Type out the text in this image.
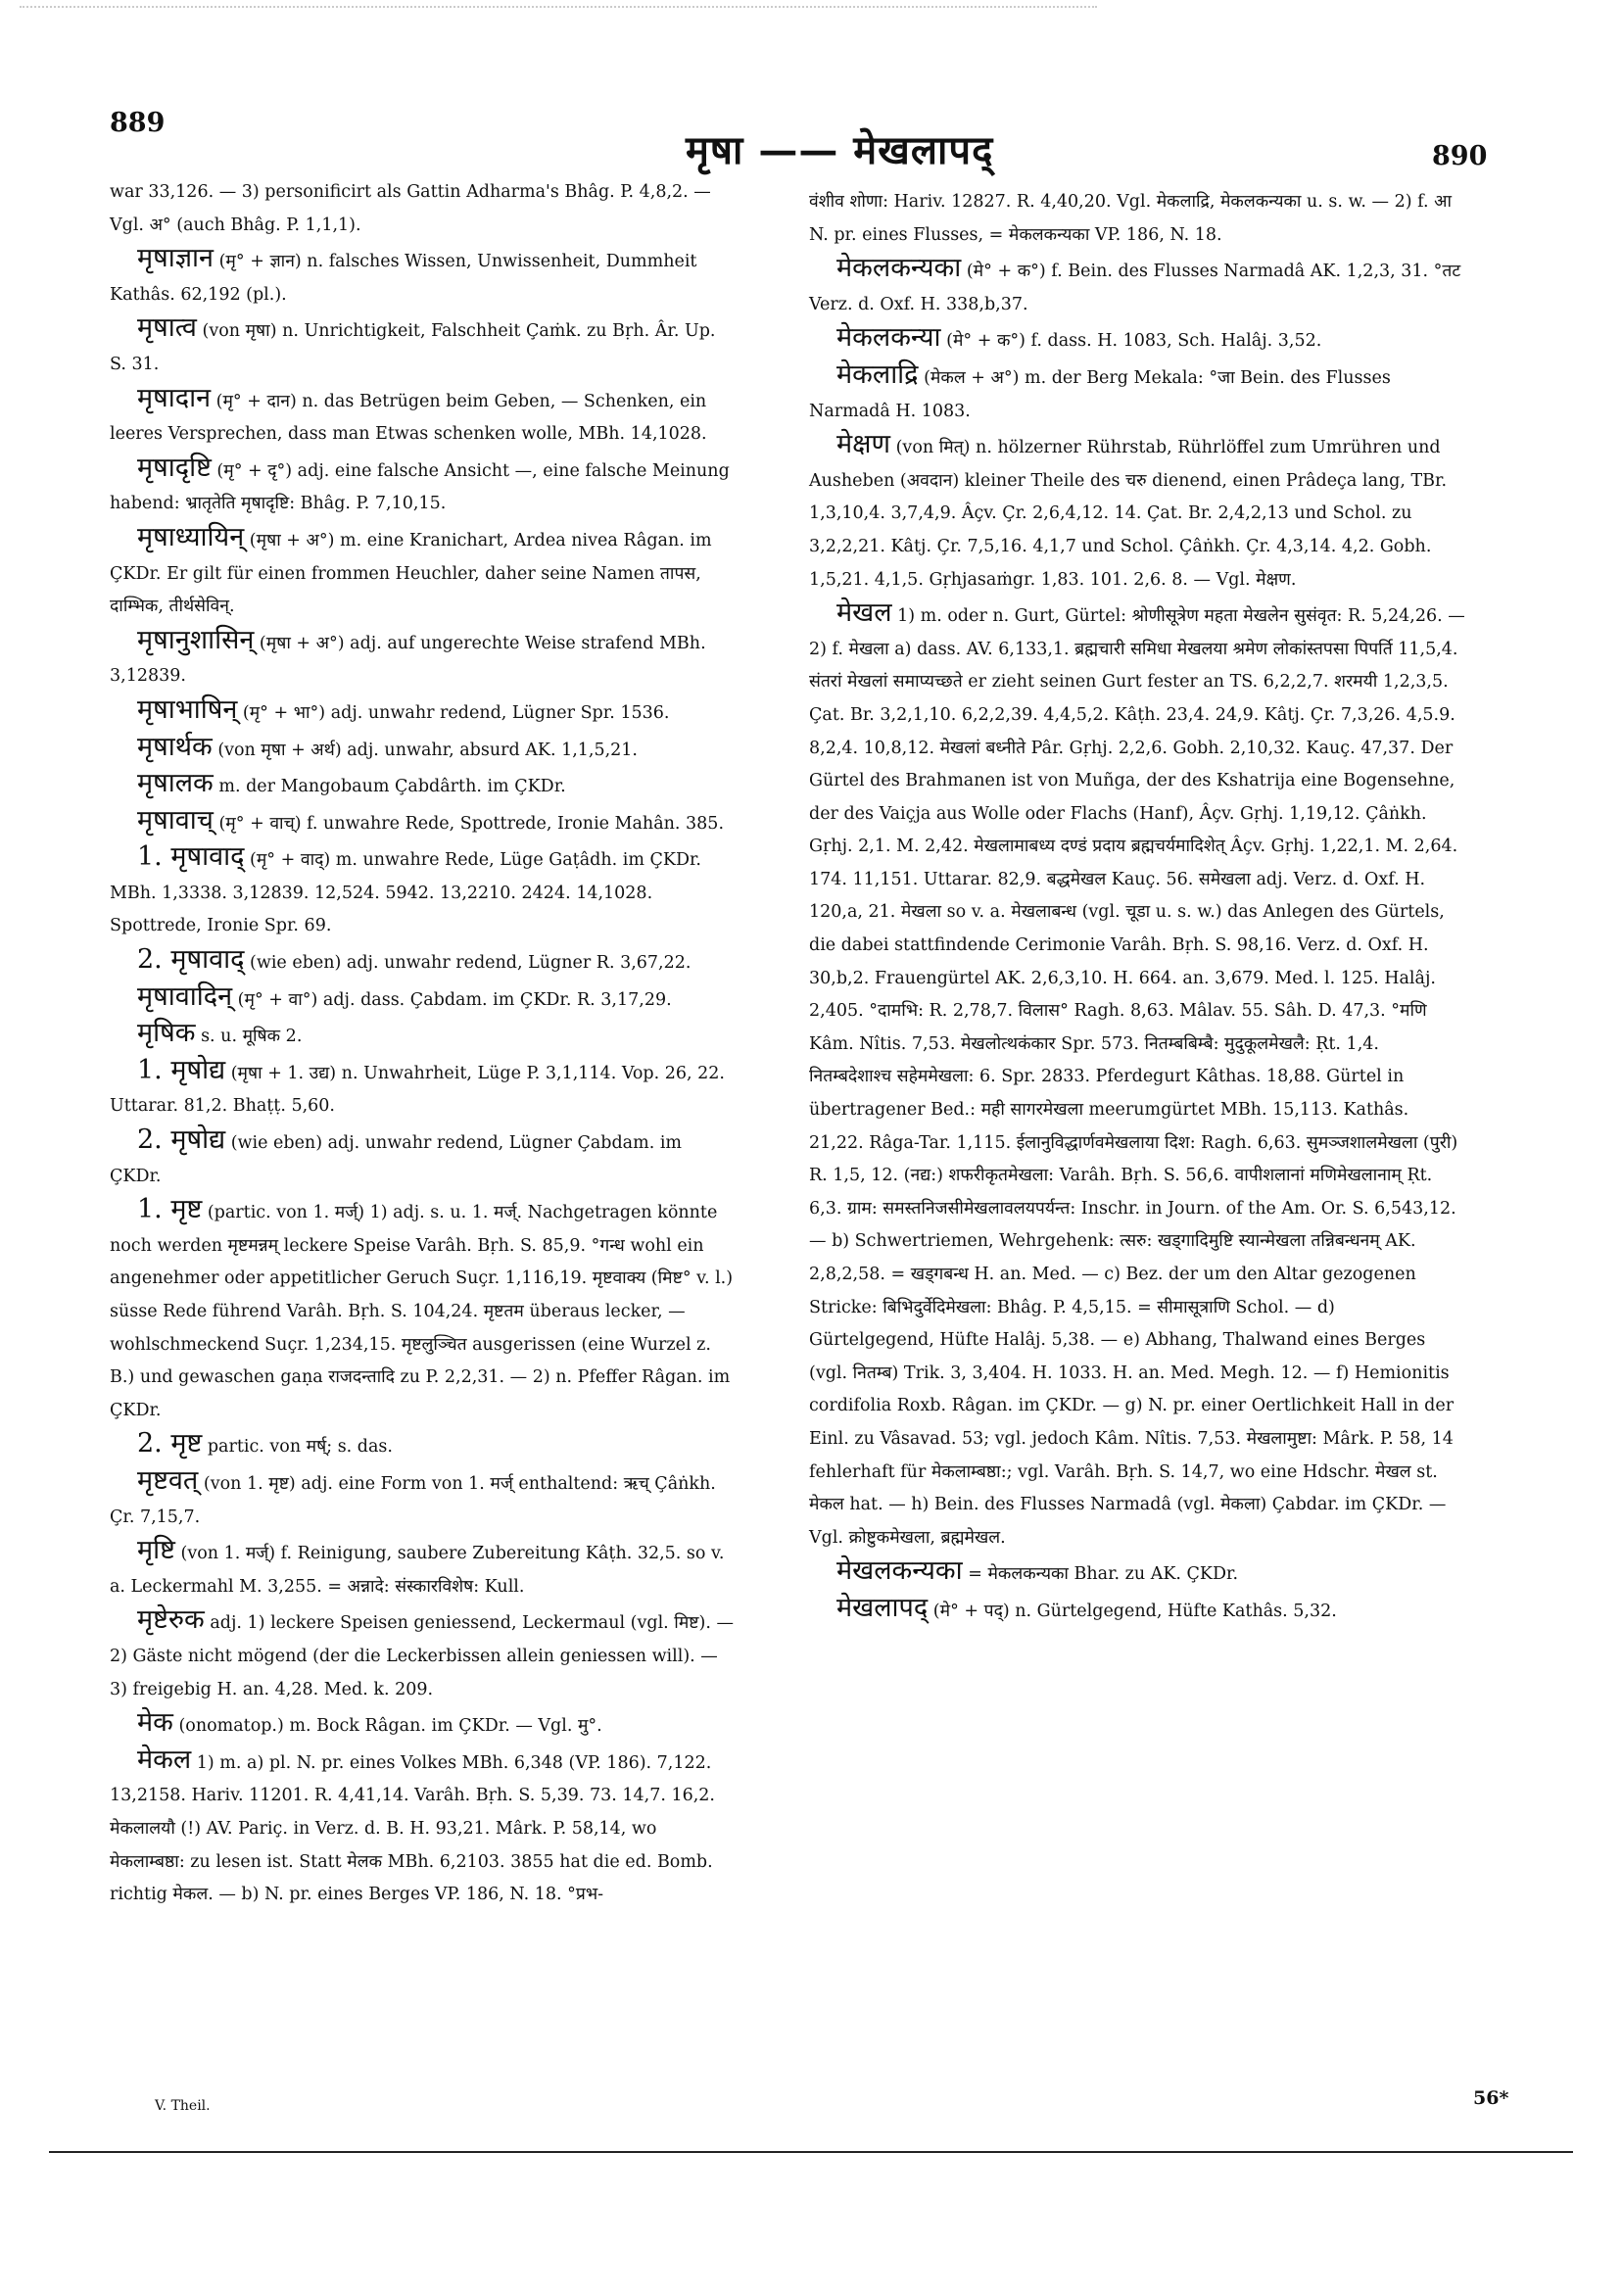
889
मृषा —— मेखलापद्	890

war 33,126. — 3) personificirt als Gattin Adharma's Bhâg. P. 4,8,2. — Vgl. अ° (auch Bhâg. P. 1,1,1).

मृषाज्ञान (मृ° + ज्ञान) n. falsches Wissen, Unwissenheit, Dummheit Kathâs. 62,192 (pl.).

मृषात्व (von मृषा) n. Unrichtigkeit, Falschheit Çaṁk. zu Bṛh. Âr. Up. S. 31.

मृषादान (मृ° + दान) n. das Betrügen beim Geben, — Schenken, ein leeres Versprechen, dass man Etwas schenken wolle, MBh. 14,1028.

मृषादृष्टि (मृ° + दृ°) adj. eine falsche Ansicht —, eine falsche Meinung habend: भ्रातृतेति मृषादृष्टि: Bhâg. P. 7,10,15.

मृषाध्यायिन् (मृषा + अ°) m. eine Kranichart, Ardea nivea Râgan. im ÇKDr. Er gilt für einen frommen Heuchler, daher seine Namen तापस, दाम्भिक, तीर्थसेविन्.

मृषानुशासिन् (मृषा + अ°) adj. auf ungerechte Weise strafend MBh. 3,12839.

मृषाभाषिन् (मृ° + भा°) adj. unwahr redend, Lügner Spr. 1536.

मृषार्थक (von मृषा + अर्थ) adj. unwahr, absurd AK. 1,1,5,21.

मृषालक m. der Mangobaum Çabdârth. im ÇKDr.

मृषावाच् (मृ° + वाच्) f. unwahre Rede, Spottrede, Ironie Mahân. 385.

1. मृषावाद् (मृ° + वाद्) m. unwahre Rede, Lüge Gaṭâdh. im ÇKDr. MBh. 1,3338. 3,12839. 12,524. 5942. 13,2210. 2424. 14,1028. Spottrede, Ironie Spr. 69.

2. मृषावाद् (wie eben) adj. unwahr redend, Lügner R. 3,67,22.

मृषावादिन् (मृ° + वा°) adj. dass. Çabdam. im ÇKDr. R. 3,17,29.

मृषिक s. u. मूषिक 2.

1. मृषोद्य (मृषा + 1. उद्य) n. Unwahrheit, Lüge P. 3,1,114. Vop. 26, 22. Uttarar. 81,2. Bhaṭṭ. 5,60.

2. मृषोद्य (wie eben) adj. unwahr redend, Lügner Çabdam. im ÇKDr.

1. मृष्ट (partic. von 1. मर्ज्) 1) adj. s. u. 1. मर्ज्. Nachgetragen könnte noch werden मृष्टमन्नम् leckere Speise Varâh. Bṛh. S. 85,9. °गन्ध wohl ein angenehmer oder appetitlicher Geruch Suçr. 1,116,19. मृष्टवाक्य (मिष्ट° v. l.) süsse Rede führend Varâh. Bṛh. S. 104,24. मृष्टतम überaus lecker, — wohlschmeckend Suçr. 1,234,15. मृष्टलुञ्चित ausgerissen (eine Wurzel z. B.) und gewaschen gaṇa राजदन्तादि zu P. 2,2,31. — 2) n. Pfeffer Râgan. im ÇKDr.

2. मृष्ट partic. von मर्ष्; s. das.

मृष्टवत् (von 1. मृष्ट) adj. eine Form von 1. मर्ज् enthaltend: ऋच् Çâṅkh. Çr. 7,15,7.

मृष्टि (von 1. मर्ज्) f. Reinigung, saubere Zubereitung Kâṭh. 32,5. so v. a. Leckermahl M. 3,255. = अन्नादे: संस्कारविशेष: Kull.

मृष्टेरुक adj. 1) leckere Speisen geniessend, Leckermaul (vgl. मिष्ट). — 2) Gäste nicht mögend (der die Leckerbissen allein geniessen will). — 3) freigebig H. an. 4,28. Med. k. 209.

मेक (onomatop.) m. Bock Râgan. im ÇKDr. — Vgl. मु°.

मेकल 1) m. a) pl. N. pr. eines Volkes MBh. 6,348 (VP. 186). 7,122. 13,2158. Hariv. 11201. R. 4,41,14. Varâh. Bṛh. S. 5,39. 73. 14,7. 16,2. मेकलालयौ (!) AV. Pariç. in Verz. d. B. H. 93,21. Mârk. P. 58,14, wo मेकलाम्बष्ठा: zu lesen ist. Statt मेलक MBh. 6,2103. 3855 hat die ed. Bomb. richtig मेकल. — b) N. pr. eines Berges VP. 186, N. 18. °प्रभ-

वंशीव शोणा: Hariv. 12827. R. 4,40,20. Vgl. मेकलाद्रि, मेकलकन्यका u. s. w. — 2) f. आ N. pr. eines Flusses, = मेकलकन्यका VP. 186, N. 18.

मेकलकन्यका (मे° + क°) f. Bein. des Flusses Narmadâ AK. 1,2,3, 31. °तट Verz. d. Oxf. H. 338,b,37.

मेकलकन्या (मे° + क°) f. dass. H. 1083, Sch. Halâj. 3,52.

मेकलाद्रि (मेकल + अ°) m. der Berg Mekala: °जा Bein. des Flusses Narmadâ H. 1083.

मेक्षण (von मित्) n. hölzerner Rührstab, Rührlöffel zum Umrühren und Ausheben (अवदान) kleiner Theile des चरु dienend, einen Prâdeça lang, TBr. 1,3,10,4. 3,7,4,9. Âçv. Çr. 2,6,4,12. 14. Çat. Br. 2,4,2,13 und Schol. zu 3,2,2,21. Kâtj. Çr. 7,5,16. 4,1,7 und Schol. Çâṅkh. Çr. 4,3,14. 4,2. Gobh. 1,5,21. 4,1,5. Gṛhjasaṁgr. 1,83. 101. 2,6. 8. — Vgl. मेक्षण.

मेखल 1) m. oder n. Gurt, Gürtel: श्रोणीसूत्रेण महता मेखलेन सुसंवृत: R. 5,24,26. — 2) f. मेखला a) dass. AV. 6,133,1. ब्रह्मचारी समिधा मेखलया श्रमेण लोकांस्तपसा पिपर्ति 11,5,4. संतरां मेखलां समाप्यच्छते er zieht seinen Gurt fester an TS. 6,2,2,7. शरमयी 1,2,3,5. Çat. Br. 3,2,1,10. 6,2,2,39. 4,4,5,2. Kâṭh. 23,4. 24,9. Kâtj. Çr. 7,3,26. 4,5.9. 8,2,4. 10,8,12. मेखलां बध्नीते Pâr. Gṛhj. 2,2,6. Gobh. 2,10,32. Kauç. 47,37. Der Gürtel des Brahmanen ist von Muñga, der des Kshatrija eine Bogensehne, der des Vaiçja aus Wolle oder Flachs (Hanf), Âçv. Gṛhj. 1,19,12. Çâṅkh. Gṛhj. 2,1. M. 2,42. मेखलामाबध्य दण्डं प्रदाय ब्रह्मचर्यमादिशेत् Âçv. Gṛhj. 1,22,1. M. 2,64. 174. 11,151. Uttarar. 82,9. बद्धमेखल Kauç. 56. समेखला adj. Verz. d. Oxf. H. 120,a, 21. मेखला so v. a. मेखलाबन्ध (vgl. चूडा u. s. w.) das Anlegen des Gürtels, die dabei stattfindende Cerimonie Varâh. Bṛh. S. 98,16. Verz. d. Oxf. H. 30,b,2. Frauengürtel AK. 2,6,3,10. H. 664. an. 3,679. Med. l. 125. Halâj. 2,405. °दामभि: R. 2,78,7. विलास° Ragh. 8,63. Mâlav. 55. Sâh. D. 47,3. °मणि Kâm. Nîtis. 7,53. मेखलोत्थकंकार Spr. 573. नितम्बबिम्बै: मुदुकूलमेखलै: Ṛt. 1,4. नितम्बदेशाश्च सहेममेखला: 6. Spr. 2833. Pferdegurt Kâthas. 18,88. Gürtel in übertragener Bed.: मही सागरमेखला meerumgürtet MBh. 15,113. Kathâs. 21,22. Râga-Tar. 1,115. ईलानुविद्धार्णवमेखलाया दिश: Ragh. 6,63. सुमञ्जशालमेखला (पुरी) R. 1,5, 12. (नद्य:) शफरीकृतमेखला: Varâh. Bṛh. S. 56,6. वापीशलानां मणिमेखलानाम् Ṛt. 6,3. ग्राम: समस्तनिजसीमेखलावलयपर्यन्त: Inschr. in Journ. of the Am. Or. S. 6,543,12. — b) Schwertriemen, Wehrgehenk: त्सरु: खड्गादिमुष्टि स्यान्मेखला तन्निबन्धनम् AK. 2,8,2,58. = खड्गबन्ध H. an. Med. — c) Bez. der um den Altar gezogenen Stricke: बिभिदुर्वेदिमेखला: Bhâg. P. 4,5,15. = सीमासूत्राणि Schol. — d) Gürtelgegend, Hüfte Halâj. 5,38. — e) Abhang, Thalwand eines Berges (vgl. नितम्ब) Trik. 3, 3,404. H. 1033. H. an. Med. Megh. 12. — f) Hemionitis cordifolia Roxb. Râgan. im ÇKDr. — g) N. pr. einer Oertlichkeit Hall in der Einl. zu Vâsavad. 53; vgl. jedoch Kâm. Nîtis. 7,53. मेखलामुष्टा: Mârk. P. 58, 14 fehlerhaft für मेकलाम्बष्ठा:; vgl. Varâh. Bṛh. S. 14,7, wo eine Hdschr. मेखल st. मेकल hat. — h) Bein. des Flusses Narmadâ (vgl. मेकला) Çabdar. im ÇKDr. — Vgl. क्रोष्टुकमेखला, ब्रह्ममेखल.

मेखलकन्यका = मेकलकन्यका Bhar. zu AK. ÇKDr.

मेखलापद् (मे° + पद्) n. Gürtelgegend, Hüfte Kathâs. 5,32.

V. Theil.	56*
